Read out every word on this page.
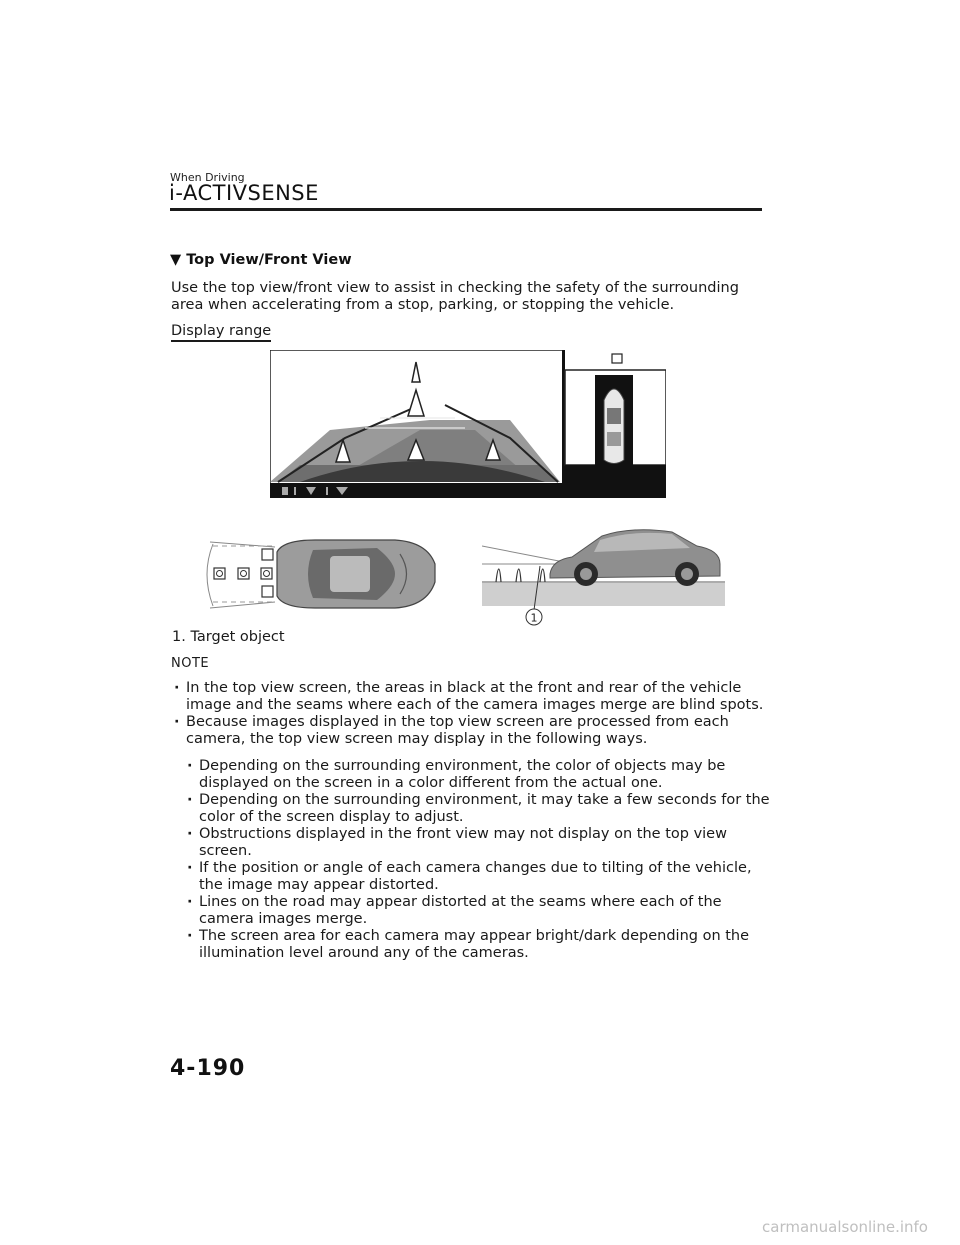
When Driving
i-ACTIVSENSE
▼ Top View/Front View
Use the top view/front view to assist in checking the safety of the surrounding area when accelerating from a stop, parking, or stopping the vehicle.
Display range
1
1. Target object
NOTE
· In the top view screen, the areas in black at the front and rear of the vehicle image and the seams where each of the camera images merge are blind spots.
· Because images displayed in the top view screen are processed from each camera, the top view screen may display in the following ways.
· Depending on the surrounding environment, the color of objects may be displayed on the screen in a color different from the actual one.
· Depending on the surrounding environment, it may take a few seconds for the color of the screen display to adjust.
· Obstructions displayed in the front view may not display on the top view screen.
· If the position or angle of each camera changes due to tilting of the vehicle, the image may appear distorted.
· Lines on the road may appear distorted at the seams where each of the camera images merge.
· The screen area for each camera may appear bright/dark depending on the illumination level around any of the cameras.
4-190
carmanualsonline.info
